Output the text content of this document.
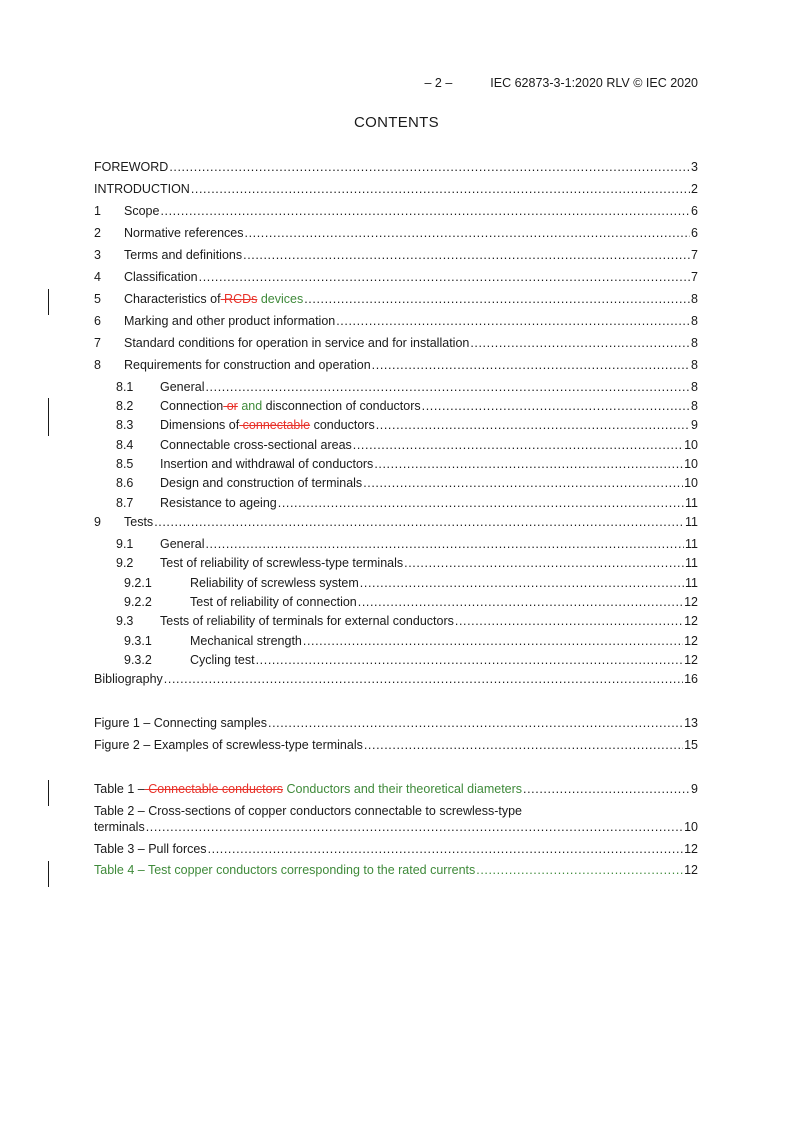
– 2 –	IEC 62873-3-1:2020 RLV © IEC 2020
CONTENTS
FOREWORD .....	3
INTRODUCTION .....	2
1	Scope .....	6
2	Normative references .....	6
3	Terms and definitions .....	7
4	Classification .....	7
5	Characteristics of RCDs devices .....	8
6	Marking and other product information .....	8
7	Standard conditions for operation in service and for installation .....	8
8	Requirements for construction and operation .....	8
8.1	General .....	8
8.2	Connection or and disconnection of conductors .....	8
8.3	Dimensions of connectable conductors .....	9
8.4	Connectable cross-sectional areas .....	10
8.5	Insertion and withdrawal of conductors .....	10
8.6	Design and construction of terminals .....	10
8.7	Resistance to ageing .....	11
9	Tests .....	11
9.1	General .....	11
9.2	Test of reliability of screwless-type terminals .....	11
9.2.1	Reliability of screwless system .....	11
9.2.2	Test of reliability of connection .....	12
9.3	Tests of reliability of terminals for external conductors .....	12
9.3.1	Mechanical strength .....	12
9.3.2	Cycling test .....	12
Bibliography .....	16
Figure 1 – Connecting samples .....	13
Figure 2 – Examples of screwless-type terminals .....	15
Table 1 – Connectable conductors Conductors and their theoretical diameters .....	9
Table 2 – Cross-sections of copper conductors connectable to screwless-type
terminals .....	10
Table 3 – Pull forces .....	12
Table 4 – Test copper conductors corresponding to the rated currents .....	12
